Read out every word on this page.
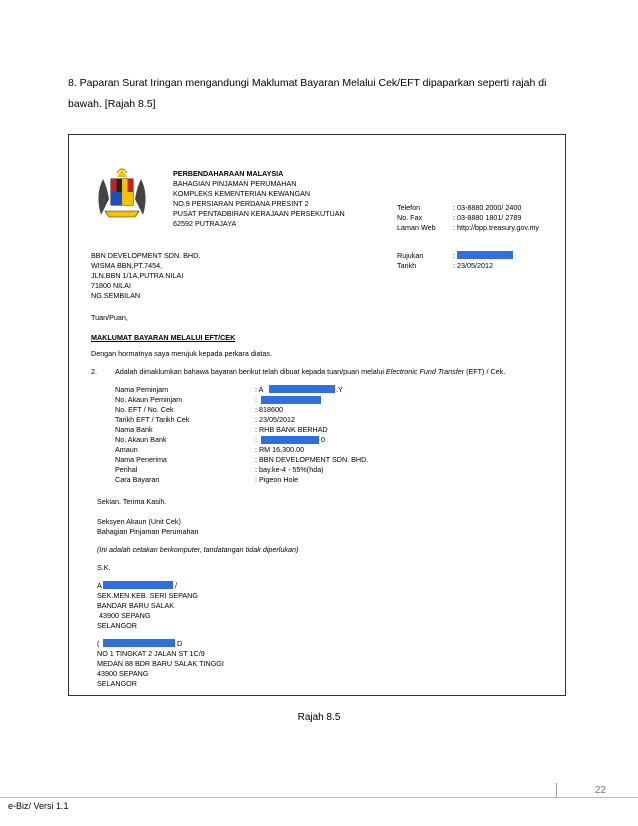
8. Paparan Surat Iringan mengandungi Maklumat Bayaran Melalui Cek/EFT dipaparkan seperti rajah di
bawah. [Rajah 8.5]
PERBENDAHARAAN MALAYSIA
BAHAGIAN PINJAMAN PERUMAHAN
KOMPLEKS KEMENTERIAN KEWANGAN
NO.9 PERSIARAN PERDANA PRESINT 2
PUSAT PENTADBIRAN KERAJAAN PERSEKUTUAN
62592 PUTRAJAYA
Telefon	: 03-8880 2000/ 2400
No. Fax	: 03-8880 1801/ 2789
Laman Web : http://bpp.treasury.gov.my
BBN DEVELOPMENT SDN. BHD.
WISMA BBN,PT.7454,
JLN.BBN 1/1A,PUTRA NILAI
71800 NILAI
NG.SEMBILAN
Rujukan	:
Tarikh	: 23/05/2012
Tuan/Puan,
MAKLUMAT BAYARAN MELALUI EFT/CEK
Dengan hormatnya saya merujuk kepada perkara diatas.
2.	Adalah dimaklumkan bahawa bayaran berikut telah dibuat kepada tuan/puan melalui Electronic Fund Transfer (EFT) / Cek.
Nama Peminjam	: A	.Y
No. Akaun Peminjam	:
No. EFT / No. Cek	: 818600
Tarikh EFT / Tarikh Cek	: 23/05/2012
Nama Bank	: RHB BANK BERHAD
No. Akaun Bank	:	0
Amaun	: RM 16,300.00
Nama Penerima	: BBN DEVELOPMENT SDN. BHD.
Perihal	: bay.ke-4 - 55%(hda)
Cara Bayaran	: Pigeon Hole
Sekian. Terima Kasih.
Seksyen Akaun (Unit Cek)
Bahagian Pinjaman Perumahan
(Ini adalah cetakan berkomputer, tandatangan tidak diperlukan)
S.K.
A	/
SEK.MEN.KEB. SERI SEPANG
BANDAR BARU SALAK
43900 SEPANG
SELANGOR
(	D
NO 1 TINGKAT 2 JALAN ST 1C/9
MEDAN 88 BDR BARU SALAK TINGGI
43900 SEPANG
SELANGOR
Rajah 8.5
22
e-Biz/ Versi 1.1
